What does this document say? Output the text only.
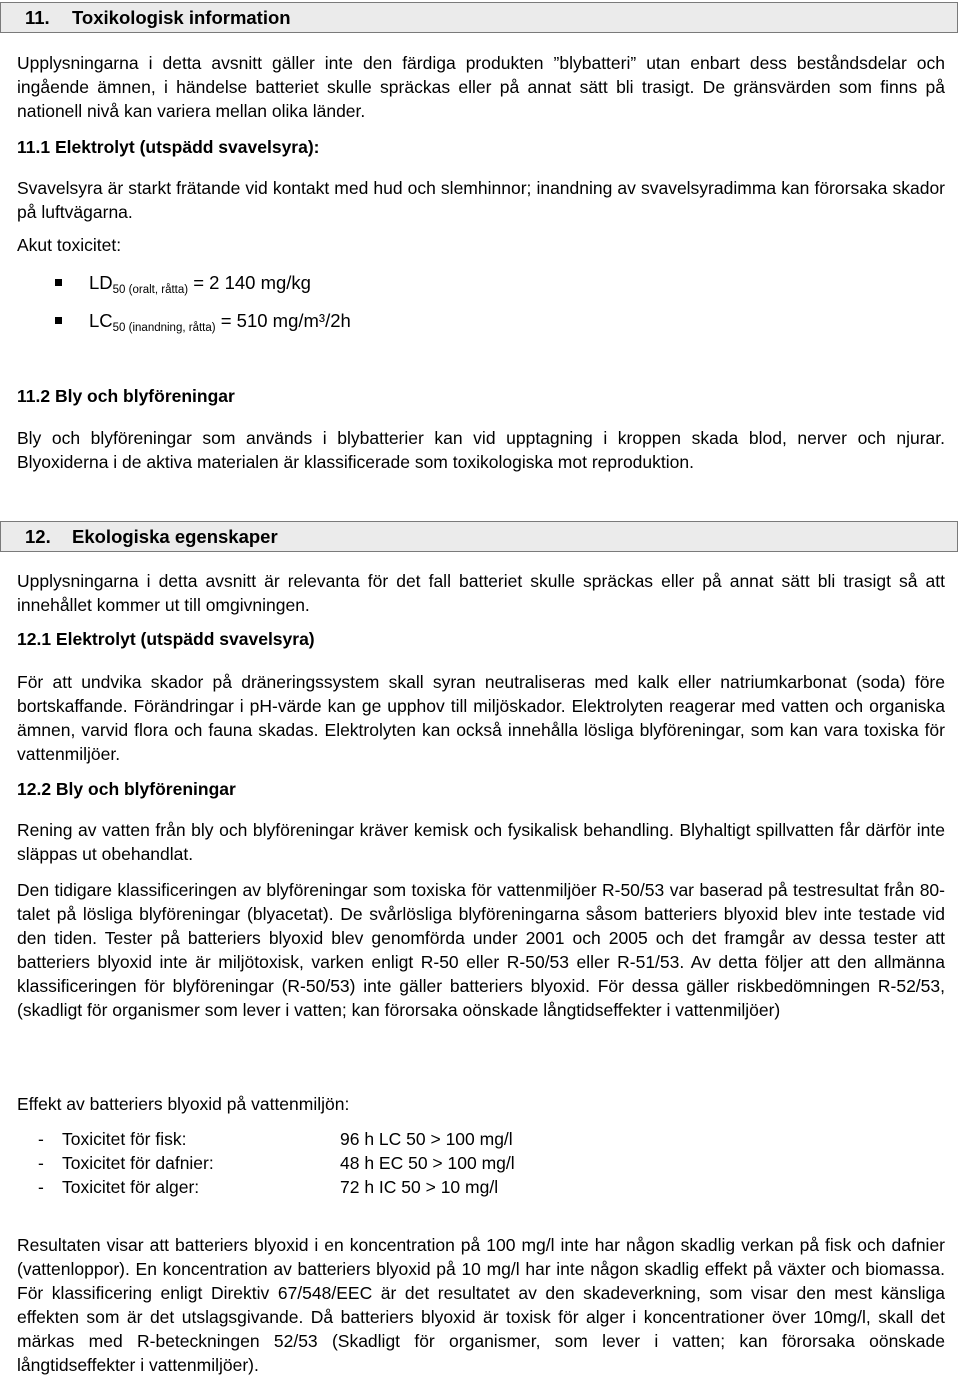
11. Toxikologisk information
Upplysningarna i detta avsnitt gäller inte den färdiga produkten ”blybatteri” utan enbart dess beståndsdelar och ingående ämnen, i händelse batteriet skulle spräckas eller på annat sätt bli trasigt. De gränsvärden som finns på nationell nivå kan variera mellan olika länder.
11.1 Elektrolyt (utspädd svavelsyra):
Svavelsyra är starkt frätande vid kontakt med hud och slemhinnor; inandning av svavelsyradimma kan förorsaka skador på luftvägarna.
Akut toxicitet:
$LD_{50 (oralt, råtta)} = 2$ 140 mg/kg
$LC_{50 (inandning, råtta)} = 510$ mg/m³/2h
11.2 Bly och blyföreningar
Bly och blyföreningar som används i blybatterier kan vid upptagning i kroppen skada blod, nerver och njurar. Blyoxiderna i de aktiva materialen är klassificerade som toxikologiska mot reproduktion.
12. Ekologiska egenskaper
Upplysningarna i detta avsnitt är relevanta för det fall batteriet skulle spräckas eller på annat sätt bli trasigt så att innehållet kommer ut till omgivningen.
12.1 Elektrolyt (utspädd svavelsyra)
För att undvika skador på dräneringssystem skall syran neutraliseras med kalk eller natriumkarbonat (soda) före bortskaffande. Förändringar i pH-värde kan ge upphov till miljöskador. Elektrolyten reagerar med vatten och organiska ämnen, varvid flora och fauna skadas. Elektrolyten kan också innehålla lösliga blyföreningar, som kan vara toxiska för vattenmiljöer.
12.2 Bly och blyföreningar
Rening av vatten från bly och blyföreningar kräver kemisk och fysikalisk behandling. Blyhaltigt spillvatten får därför inte släppas ut obehandlat.
Den tidigare klassificeringen av blyföreningar som toxiska för vattenmiljöer R-50/53 var baserad på testresultat från 80-talet på lösliga blyföreningar (blyacetat). De svårlösliga blyföreningarna såsom batteriers blyoxid blev inte testade vid den tiden. Tester på batteriers blyoxid blev genomförda under 2001 och 2005 och det framgår av dessa tester att batteriers blyoxid inte är miljötoxisk, varken enligt R-50 eller R-50/53 eller R-51/53. Av detta följer att den allmänna klassificeringen för blyföreningar (R-50/53) inte gäller batteriers blyoxid. För dessa gäller riskbedömningen R-52/53, (skadligt för organismer som lever i vatten; kan förorsaka oönskade långtidseffekter i vattenmiljöer)
Effekt av batteriers blyoxid på vattenmiljön:
- Toxicitet för fisk:	96 h LC 50 > 100 mg/l
- Toxicitet för dafnier:	48 h EC 50 > 100 mg/l
- Toxicitet för alger:	72 h IC 50 > 10 mg/l
Resultaten visar att batteriers blyoxid i en koncentration på 100 mg/l inte har någon skadlig verkan på fisk och dafnier (vattenloppor). En koncentration av batteriers blyoxid på 10 mg/l har inte någon skadlig effekt på växter och biomassa. För klassificering enligt Direktiv 67/548/EEC är det resultatet av den skadeverkning, som visar den mest känsliga effekten som är det utslagsgivande. Då batteriers blyoxid är toxisk för alger i koncentrationer över 10mg/l, skall det märkas med R-beteckningen 52/53 (Skadligt för organismer, som lever i vatten; kan förorsaka oönskade långtidseffekter i vattenmiljöer).
